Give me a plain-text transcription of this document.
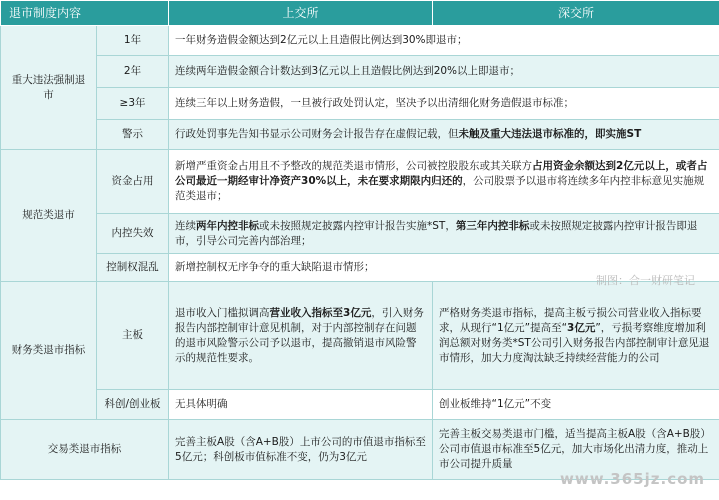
退市制度内容		上交所	深交所
重大违法强制退市	1年	一年财务造假金额达到2亿元以上且造假比例达到30%即退市；	
	2年	连续两年造假金额合计数达到3亿元以上且造假比例达到20%以上即退市；	
	≥3年	连续三年以上财务造假，一旦被行政处罚认定，坚决予以出清细化财务造假退市标准；	
	警示	行政处罚事先告知书显示公司财务会计报告存在虚假记载，但未触及重大违法退市标准的，即实施ST	
规范类退市	资金占用	新增严重资金占用且不予整改的规范类退市情形，公司被控股股东或其关联方占用资金余额达到2亿元以上，或者占公司最近一期经审计净资产30%以上，未在要求期限内归还的，公司股票予以退市将连续多年内控非标意见实施规范类退市；	
	内控失效	连续两年内控非标或未按照规定披露内控审计报告实施*ST，第三年内控非标或未按照规定披露内控审计报告即退市，引导公司完善内部治理；	
	控制权混乱	新增控制权无序争夺的重大缺陷退市情形；	
财务类退市指标	主板	退市收入门槛拟调高营业收入指标至3亿元，引入财务报告内部控制审计意见机制，对于内部控制存在问题的退市风险警示公司予以退市，提高撤销退市风险警示的规范性要求。	严格财务类退市指标，提高主板亏损公司营业收入指标要求，从现行“1亿元”提高至“3亿元”，亏损考察维度增加利润总额对财务类*ST公司引入财务报告内部控制审计意见退市情形，加大力度淘汰缺乏持续经营能力的公司
	科创/创业板	无具体明确	创业板维持“1亿元”不变
交易类退市指标		完善主板A股（含A+B股）上市公司的市值退市指标至5亿元；科创板市值标准不变，仍为3亿元	完善主板交易类退市门槛，适当提高主板A股（含A+B股）公司市值退市标准至5亿元，加大市场化出清力度，推动上市公司提升质量
制图：合一财研笔记
www.365jz.com
